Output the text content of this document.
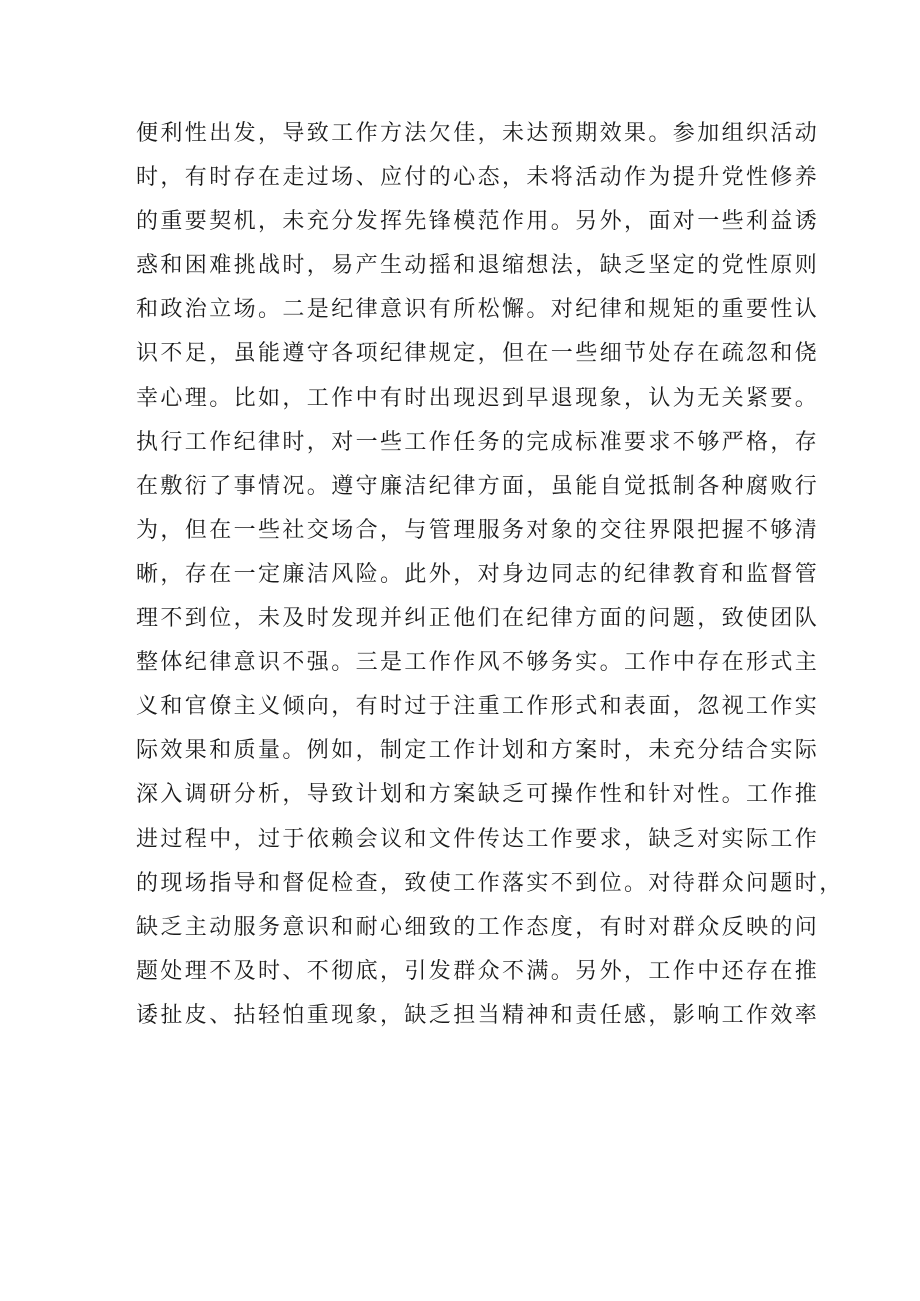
便利性出发，导致工作方法欠佳，未达预期效果。参加组织活动
时，有时存在走过场、应付的心态，未将活动作为提升党性修养
的重要契机，未充分发挥先锋模范作用。另外，面对一些利益诱
惑和困难挑战时，易产生动摇和退缩想法，缺乏坚定的党性原则
和政治立场。二是纪律意识有所松懈。对纪律和规矩的重要性认
识不足，虽能遵守各项纪律规定，但在一些细节处存在疏忽和侥
幸心理。比如，工作中有时出现迟到早退现象，认为无关紧要。
执行工作纪律时，对一些工作任务的完成标准要求不够严格，存
在敷衍了事情况。遵守廉洁纪律方面，虽能自觉抵制各种腐败行
为，但在一些社交场合，与管理服务对象的交往界限把握不够清
晰，存在一定廉洁风险。此外，对身边同志的纪律教育和监督管
理不到位，未及时发现并纠正他们在纪律方面的问题，致使团队
整体纪律意识不强。三是工作作风不够务实。工作中存在形式主
义和官僚主义倾向，有时过于注重工作形式和表面，忽视工作实
际效果和质量。例如，制定工作计划和方案时，未充分结合实际
深入调研分析，导致计划和方案缺乏可操作性和针对性。工作推
进过程中，过于依赖会议和文件传达工作要求，缺乏对实际工作
的现场指导和督促检查，致使工作落实不到位。对待群众问题时，
缺乏主动服务意识和耐心细致的工作态度，有时对群众反映的问
题处理不及时、不彻底，引发群众不满。另外，工作中还存在推
诿扯皮、拈轻怕重现象，缺乏担当精神和责任感，影响工作效率
